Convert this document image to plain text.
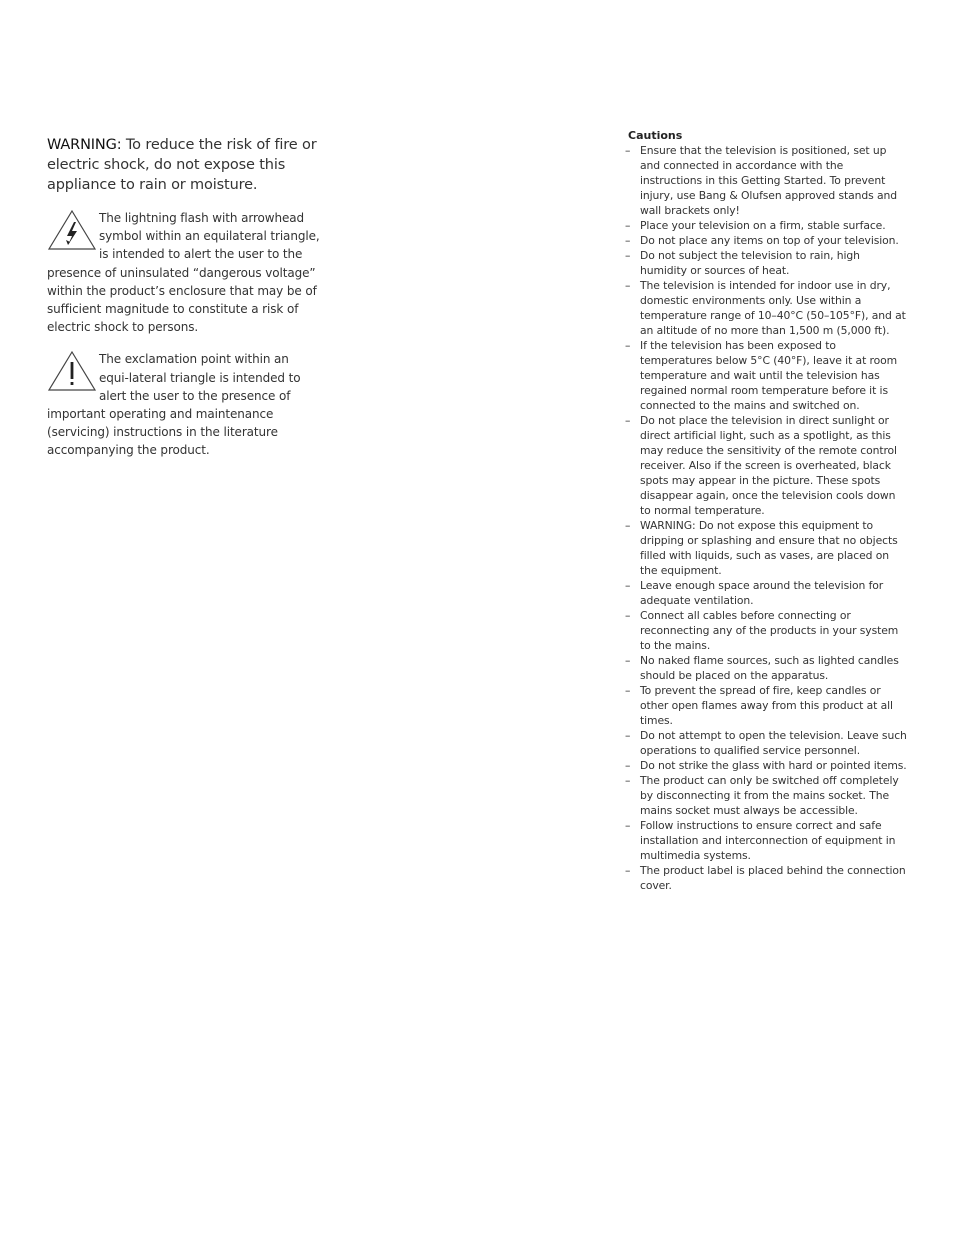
WARNING: To reduce the risk of fire or electric shock, do not expose this appliance to rain or moisture.

The lightning flash with arrowhead symbol within an equilateral triangle, is intended to alert the user to the presence of uninsulated “dangerous voltage” within the product’s enclosure that may be of sufficient magnitude to constitute a risk of electric shock to persons.
The exclamation point within an equi-lateral triangle is intended to alert the user to the presence of important operating and maintenance (servicing) instructions in the literature accompanying the product.
Cautions
– Ensure that the television is positioned, set up and connected in accordance with the instructions in this Getting Started. To prevent injury, use Bang & Olufsen approved stands and wall brackets only!
– Place your television on a firm, stable surface.
– Do not place any items on top of your television.
– Do not subject the television to rain, high humidity or sources of heat.
– The television is intended for indoor use in dry, domestic environments only. Use within a temperature range of 10–40°C (50–105°F), and at an altitude of no more than 1,500 m (5,000 ft).
– If the television has been exposed to temperatures below 5°C (40°F), leave it at room temperature and wait until the television has regained normal room temperature before it is connected to the mains and switched on.
– Do not place the television in direct sunlight or direct artificial light, such as a spotlight, as this may reduce the sensitivity of the remote control receiver. Also if the screen is overheated, black spots may appear in the picture. These spots disappear again, once the television cools down to normal temperature.
– WARNING: Do not expose this equipment to dripping or splashing and ensure that no objects filled with liquids, such as vases, are placed on the equipment.
– Leave enough space around the television for adequate ventilation.
– Connect all cables before connecting or reconnecting any of the products in your system to the mains.
– No naked flame sources, such as lighted candles should be placed on the apparatus.
– To prevent the spread of fire, keep candles or other open flames away from this product at all times.
– Do not attempt to open the television. Leave such operations to qualified service personnel.
– Do not strike the glass with hard or pointed items.
– The product can only be switched off completely by disconnecting it from the mains socket. The mains socket must always be accessible.
– Follow instructions to ensure correct and safe installation and interconnection of equipment in multimedia systems.
– The product label is placed behind the connection cover.
